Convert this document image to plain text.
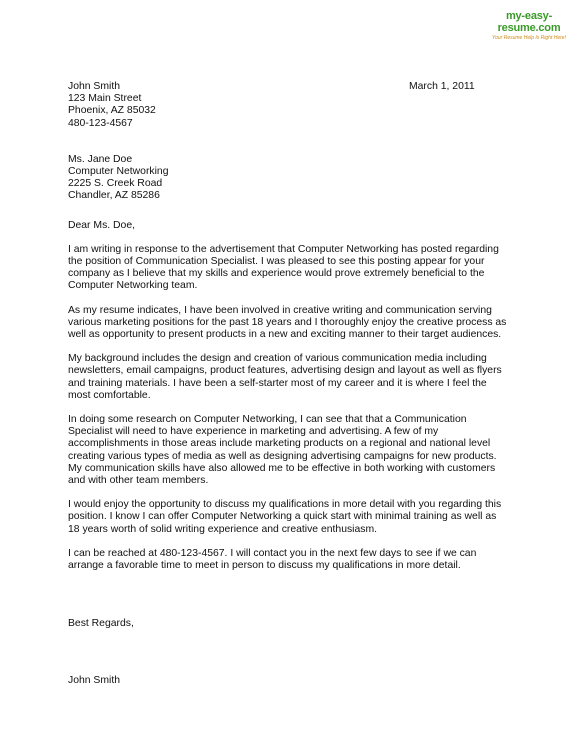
my-easy-resume.com
Your Resume Help Is Right Here!
March 1, 2011
John Smith
123 Main Street
Phoenix, AZ 85032
480-123-4567
Ms. Jane Doe
Computer Networking
2225 S. Creek Road
Chandler, AZ 85286
Dear Ms. Doe,
I am writing in response to the advertisement that Computer Networking has posted regarding
the position of Communication Specialist. I was pleased to see this posting appear for your
company as I believe that my skills and experience would prove extremely beneficial to the
Computer Networking team.
As my resume indicates, I have been involved in creative writing and communication serving
various marketing positions for the past 18 years and I thoroughly enjoy the creative process as
well as opportunity to present products in a new and exciting manner to their target audiences.
My background includes the design and creation of various communication media including
newsletters, email campaigns, product features, advertising design and layout as well as flyers
and training materials. I have been a self-starter most of my career and it is where I feel the
most comfortable.
In doing some research on Computer Networking, I can see that that a Communication
Specialist will need to have experience in marketing and advertising. A few of my
accomplishments in those areas include marketing products on a regional and national level
creating various types of media as well as designing advertising campaigns for new products.
My communication skills have also allowed me to be effective in both working with customers
and with other team members.
I would enjoy the opportunity to discuss my qualifications in more detail with you regarding this
position. I know I can offer Computer Networking a quick start with minimal training as well as
18 years worth of solid writing experience and creative enthusiasm.
I can be reached at 480-123-4567. I will contact you in the next few days to see if we can
arrange a favorable time to meet in person to discuss my qualifications in more detail.
Best Regards,
John Smith
